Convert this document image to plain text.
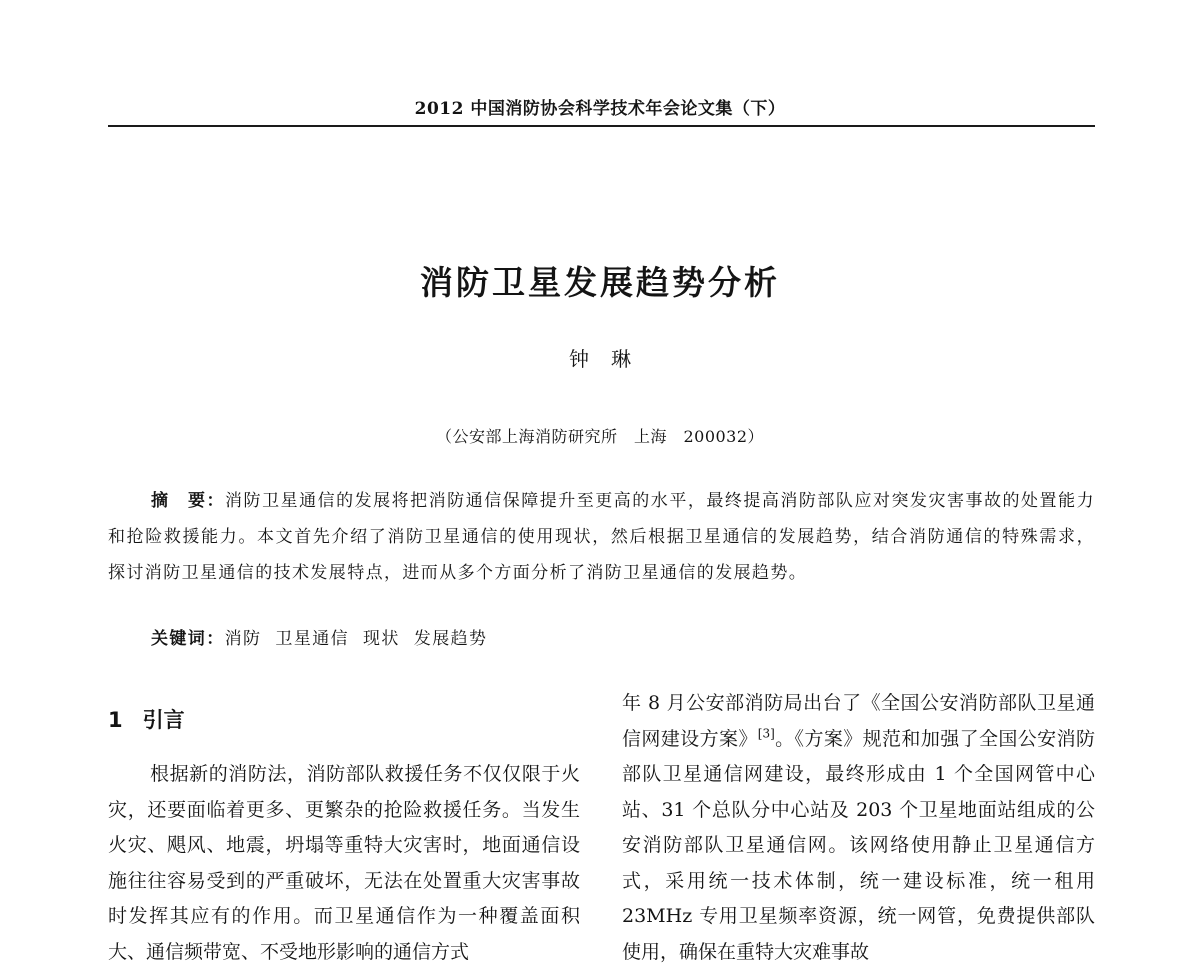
2012 中国消防协会科学技术年会论文集（下）
消防卫星发展趋势分析
钟琳
（公安部上海消防研究所　上海　200032）

摘　要：消防卫星通信的发展将把消防通信保障提升至更高的水平，最终提高消防部队应对突发灾害事故的处置能力和抢险救援能力。本文首先介绍了消防卫星通信的使用现状，然后根据卫星通信的发展趋势，结合消防通信的特殊需求，探讨消防卫星通信的技术发展特点，进而从多个方面分析了消防卫星通信的发展趋势。

关键词：消防 卫星通信 现状 发展趋势

1 引言

根据新的消防法，消防部队救援任务不仅仅限于火灾，还要面临着更多、更繁杂的抢险救援任务。当发生火灾、飓风、地震，坍塌等重特大灾害时，地面通信设施往往容易受到的严重破坏，无法在处置重大灾害事故时发挥其应有的作用。而卫星通信作为一种覆盖面积大、通信频带宽、不受地形影响的通信方式

年 8 月公安部消防局出台了《全国公安消防部队卫星通信网建设方案》[3]。《方案》规范和加强了全国公安消防部队卫星通信网建设，最终形成由 1 个全国网管中心站、31 个总队分中心站及 203 个卫星地面站组成的公安消防部队卫星通信网。该网络使用静止卫星通信方式，采用统一技术体制，统一建设标准，统一租用 23MHz 专用卫星频率资源，统一网管，免费提供部队使用，确保在重特大灾难事故
